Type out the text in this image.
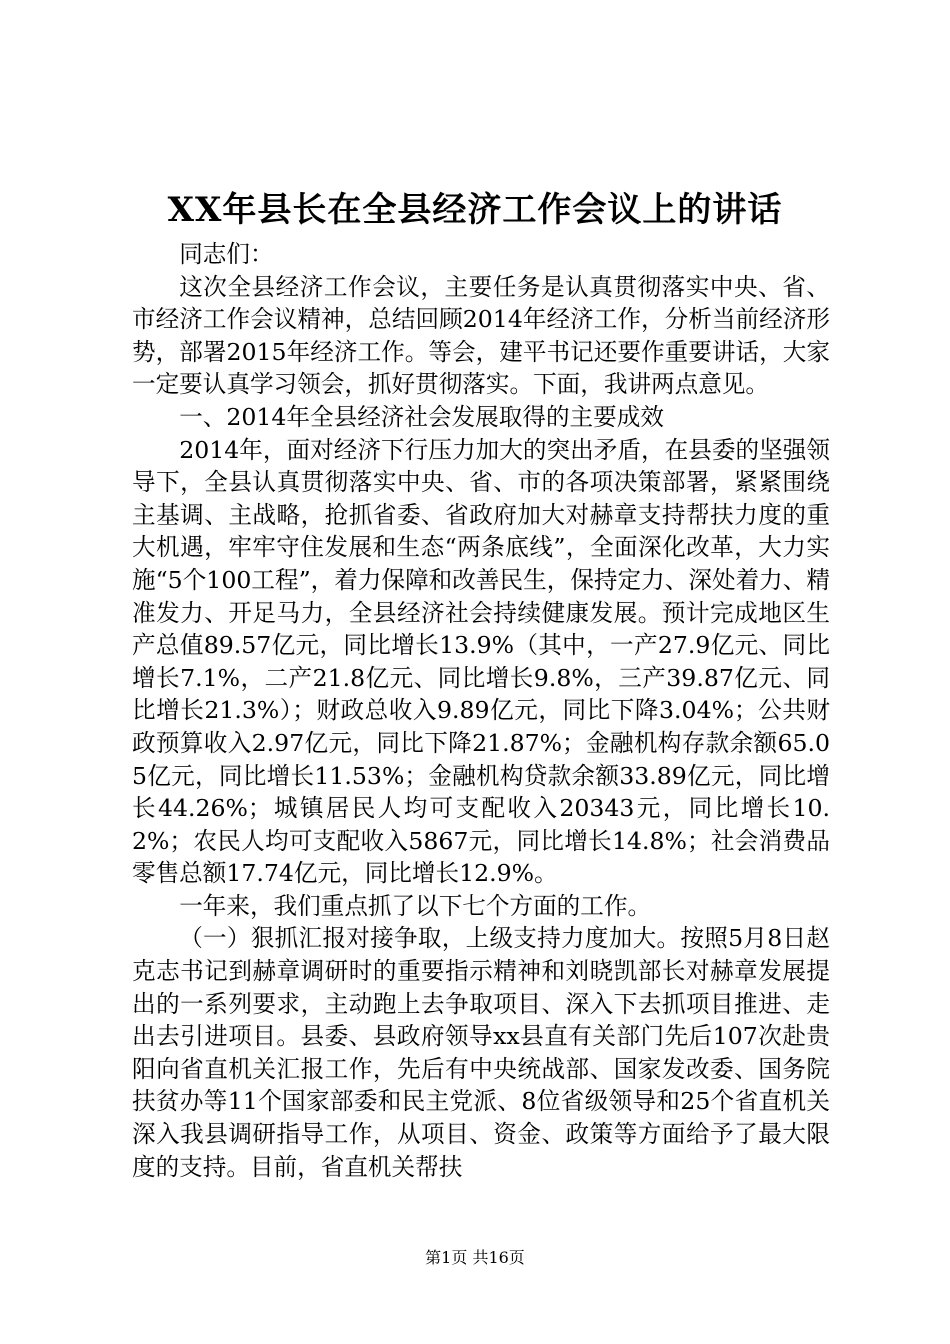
XX年县长在全县经济工作会议上的讲话

同志们：

这次全县经济工作会议，主要任务是认真贯彻落实中央、省、市经济工作会议精神，总结回顾2014年经济工作，分析当前经济形势，部署2015年经济工作。等会，建平书记还要作重要讲话，大家一定要认真学习领会，抓好贯彻落实。下面，我讲两点意见。

一、2014年全县经济社会发展取得的主要成效

2014年，面对经济下行压力加大的突出矛盾，在县委的坚强领导下，全县认真贯彻落实中央、省、市的各项决策部署，紧紧围绕主基调、主战略，抢抓省委、省政府加大对赫章支持帮扶力度的重大机遇，牢牢守住发展和生态“两条底线”，全面深化改革，大力实施“5个100工程”，着力保障和改善民生，保持定力、深处着力、精准发力、开足马力，全县经济社会持续健康发展。预计完成地区生产总值89.57亿元，同比增长13.9%（其中，一产27.9亿元、同比增长7.1%，二产21.8亿元、同比增长9.8%，三产39.87亿元、同比增长21.3%）；财政总收入9.89亿元，同比下降3.04%；公共财政预算收入2.97亿元，同比下降21.87%；金融机构存款余额65.05亿元，同比增长11.53%；金融机构贷款余额33.89亿元，同比增长44.26%；城镇居民人均可支配收入20343元，同比增长10.2%；农民人均可支配收入5867元，同比增长14.8%；社会消费品零售总额17.74亿元，同比增长12.9%。

一年来，我们重点抓了以下七个方面的工作。

（一）狠抓汇报对接争取，上级支持力度加大。按照5月8日赵克志书记到赫章调研时的重要指示精神和刘晓凯部长对赫章发展提出的一系列要求，主动跑上去争取项目、深入下去抓项目推进、走出去引进项目。县委、县政府领导xx县直有关部门先后107次赴贵阳向省直机关汇报工作，先后有中央统战部、国家发改委、国务院扶贫办等11个国家部委和民主党派、8位省级领导和25个省直机关深入我县调研指导工作，从项目、资金、政策等方面给予了最大限度的支持。目前，省直机关帮扶

第1页 共16页
